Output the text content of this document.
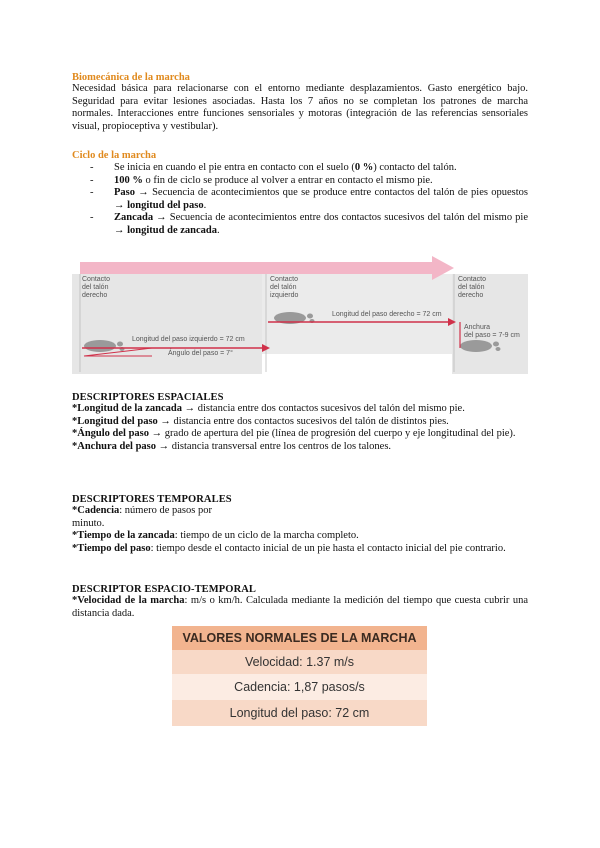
Biomecánica de la marcha
Necesidad básica para relacionarse con el entorno mediante desplazamientos. Gasto energético bajo. Seguridad para evitar lesiones asociadas. Hasta los 7 años no se completan los patrones de marcha normales. Interacciones entre funciones sensoriales y motoras (integración de las referencias sensoriales visual, propioceptiva y vestibular).
Ciclo de la marcha
-	Se inicia en cuando el pie entra en contacto con el suelo (0 %) contacto del talón.
-	100 % o fin de ciclo se produce al volver a entrar en contacto el mismo pie.
-	Paso → Secuencia de acontecimientos que se produce entre contactos del talón de pies opuestos → longitud del paso.
-	Zancada → Secuencia de acontecimientos entre dos contactos sucesivos del talón del mismo pie → longitud de zancada.
Longitud de zancada = 144 cm
Contacto
del talón
derecho
Contacto
del talón
izquierdo
Contacto
del talón
derecho
Longitud del paso izquierdo = 72 cm
Longitud del paso derecho = 72 cm
Ángulo del paso = 7°
Anchura
del paso = 7-9 cm
DESCRIPTORES ESPACIALES
*Longitud de la zancada → distancia entre dos contactos sucesivos del talón del mismo pie.
*Longitud del paso → distancia entre dos contactos sucesivos del talón de distintos pies.
*Ángulo del paso → grado de apertura del pie (línea de progresión del cuerpo y eje longitudinal del pie).
*Anchura del paso → distancia transversal entre los centros de los talones.
DESCRIPTORES TEMPORALES
*Cadencia: número de pasos por
minuto.
*Tiempo de la zancada: tiempo de un ciclo de la marcha completo.
*Tiempo del paso: tiempo desde el contacto inicial de un pie hasta el contacto inicial del pie contrario.
DESCRIPTOR ESPACIO-TEMPORAL
*Velocidad de la marcha: m/s o km/h. Calculada mediante la medición del tiempo que cuesta cubrir una distancia dada.
VALORES NORMALES DE LA MARCHA
Velocidad: 1.37 m/s
Cadencia: 1,87 pasos/s
Longitud del paso: 72 cm
